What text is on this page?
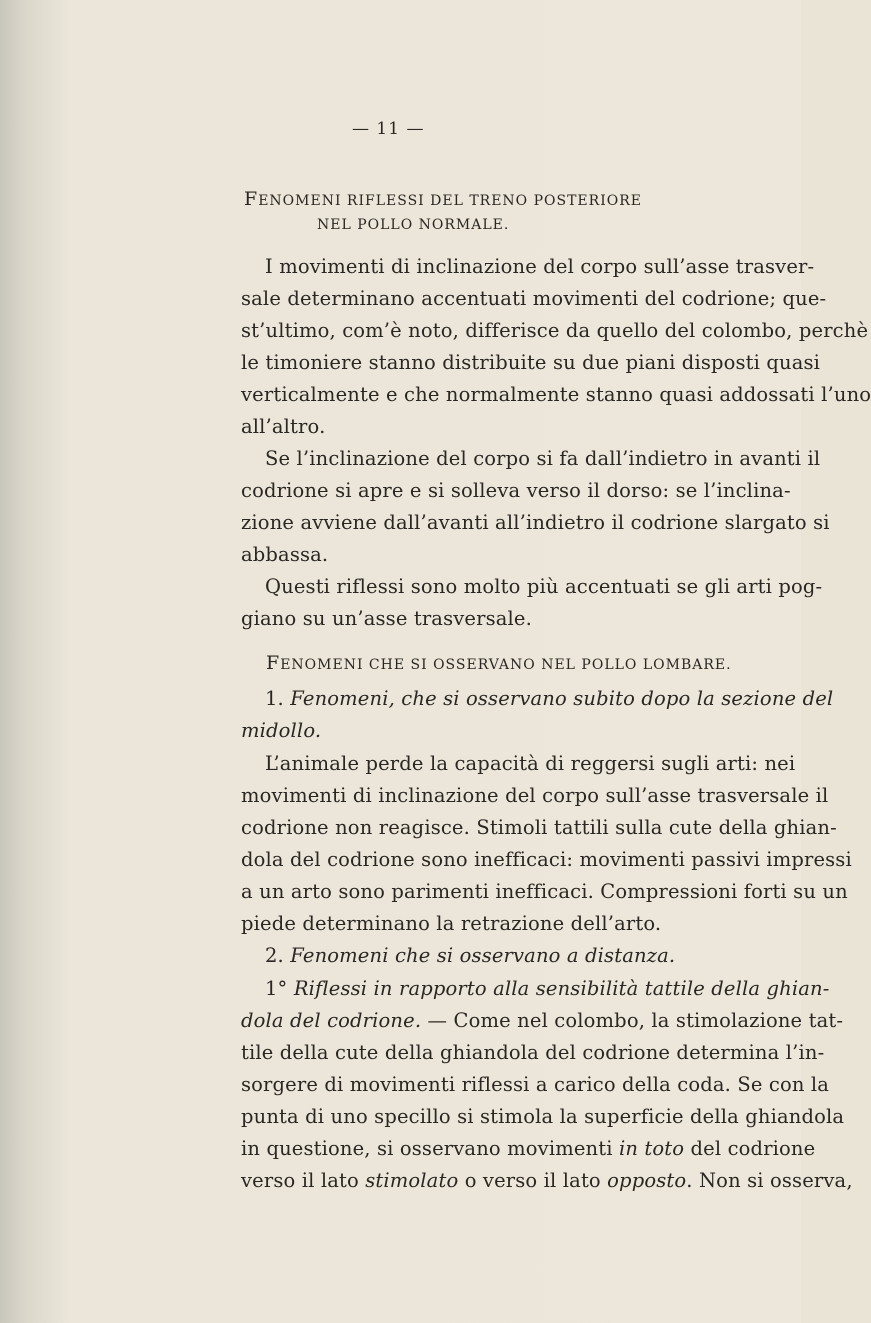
— 11 —
FENOMENI RIFLESSI DEL TRENO POSTERIORE
NEL POLLO NORMALE.
I movimenti di inclinazione del corpo sull’asse trasver-
sale determinano accentuati movimenti del codrione; que-
st’ultimo, com’è noto, differisce da quello del colombo, perchè
le timoniere stanno distribuite su due piani disposti quasi
verticalmente e che normalmente stanno quasi addossati l’uno
all’altro.
Se l’inclinazione del corpo si fa dall’indietro in avanti il
codrione si apre e si solleva verso il dorso: se l’inclina-
zione avviene dall’avanti all’indietro il codrione slargato si
abbassa.
Questi riflessi sono molto più accentuati se gli arti pog-
giano su un’asse trasversale.
FENOMENI CHE SI OSSERVANO NEL POLLO LOMBARE.
1. Fenomeni, che si osservano subito dopo la sezione del
midollo.
L’animale perde la capacità di reggersi sugli arti: nei
movimenti di inclinazione del corpo sull’asse trasversale il
codrione non reagisce. Stimoli tattili sulla cute della ghian-
dola del codrione sono inefficaci: movimenti passivi impressi
a un arto sono parimenti inefficaci. Compressioni forti su un
piede determinano la retrazione dell’arto.
2. Fenomeni che si osservano a distanza.
1° Riflessi in rapporto alla sensibilità tattile della ghian-
dola del codrione. — Come nel colombo, la stimolazione tat-
tile della cute della ghiandola del codrione determina l’in-
sorgere di movimenti riflessi a carico della coda. Se con la
punta di uno specillo si stimola la superficie della ghiandola
in questione, si osservano movimenti in toto del codrione
verso il lato stimolato o verso il lato opposto. Non si osserva,
